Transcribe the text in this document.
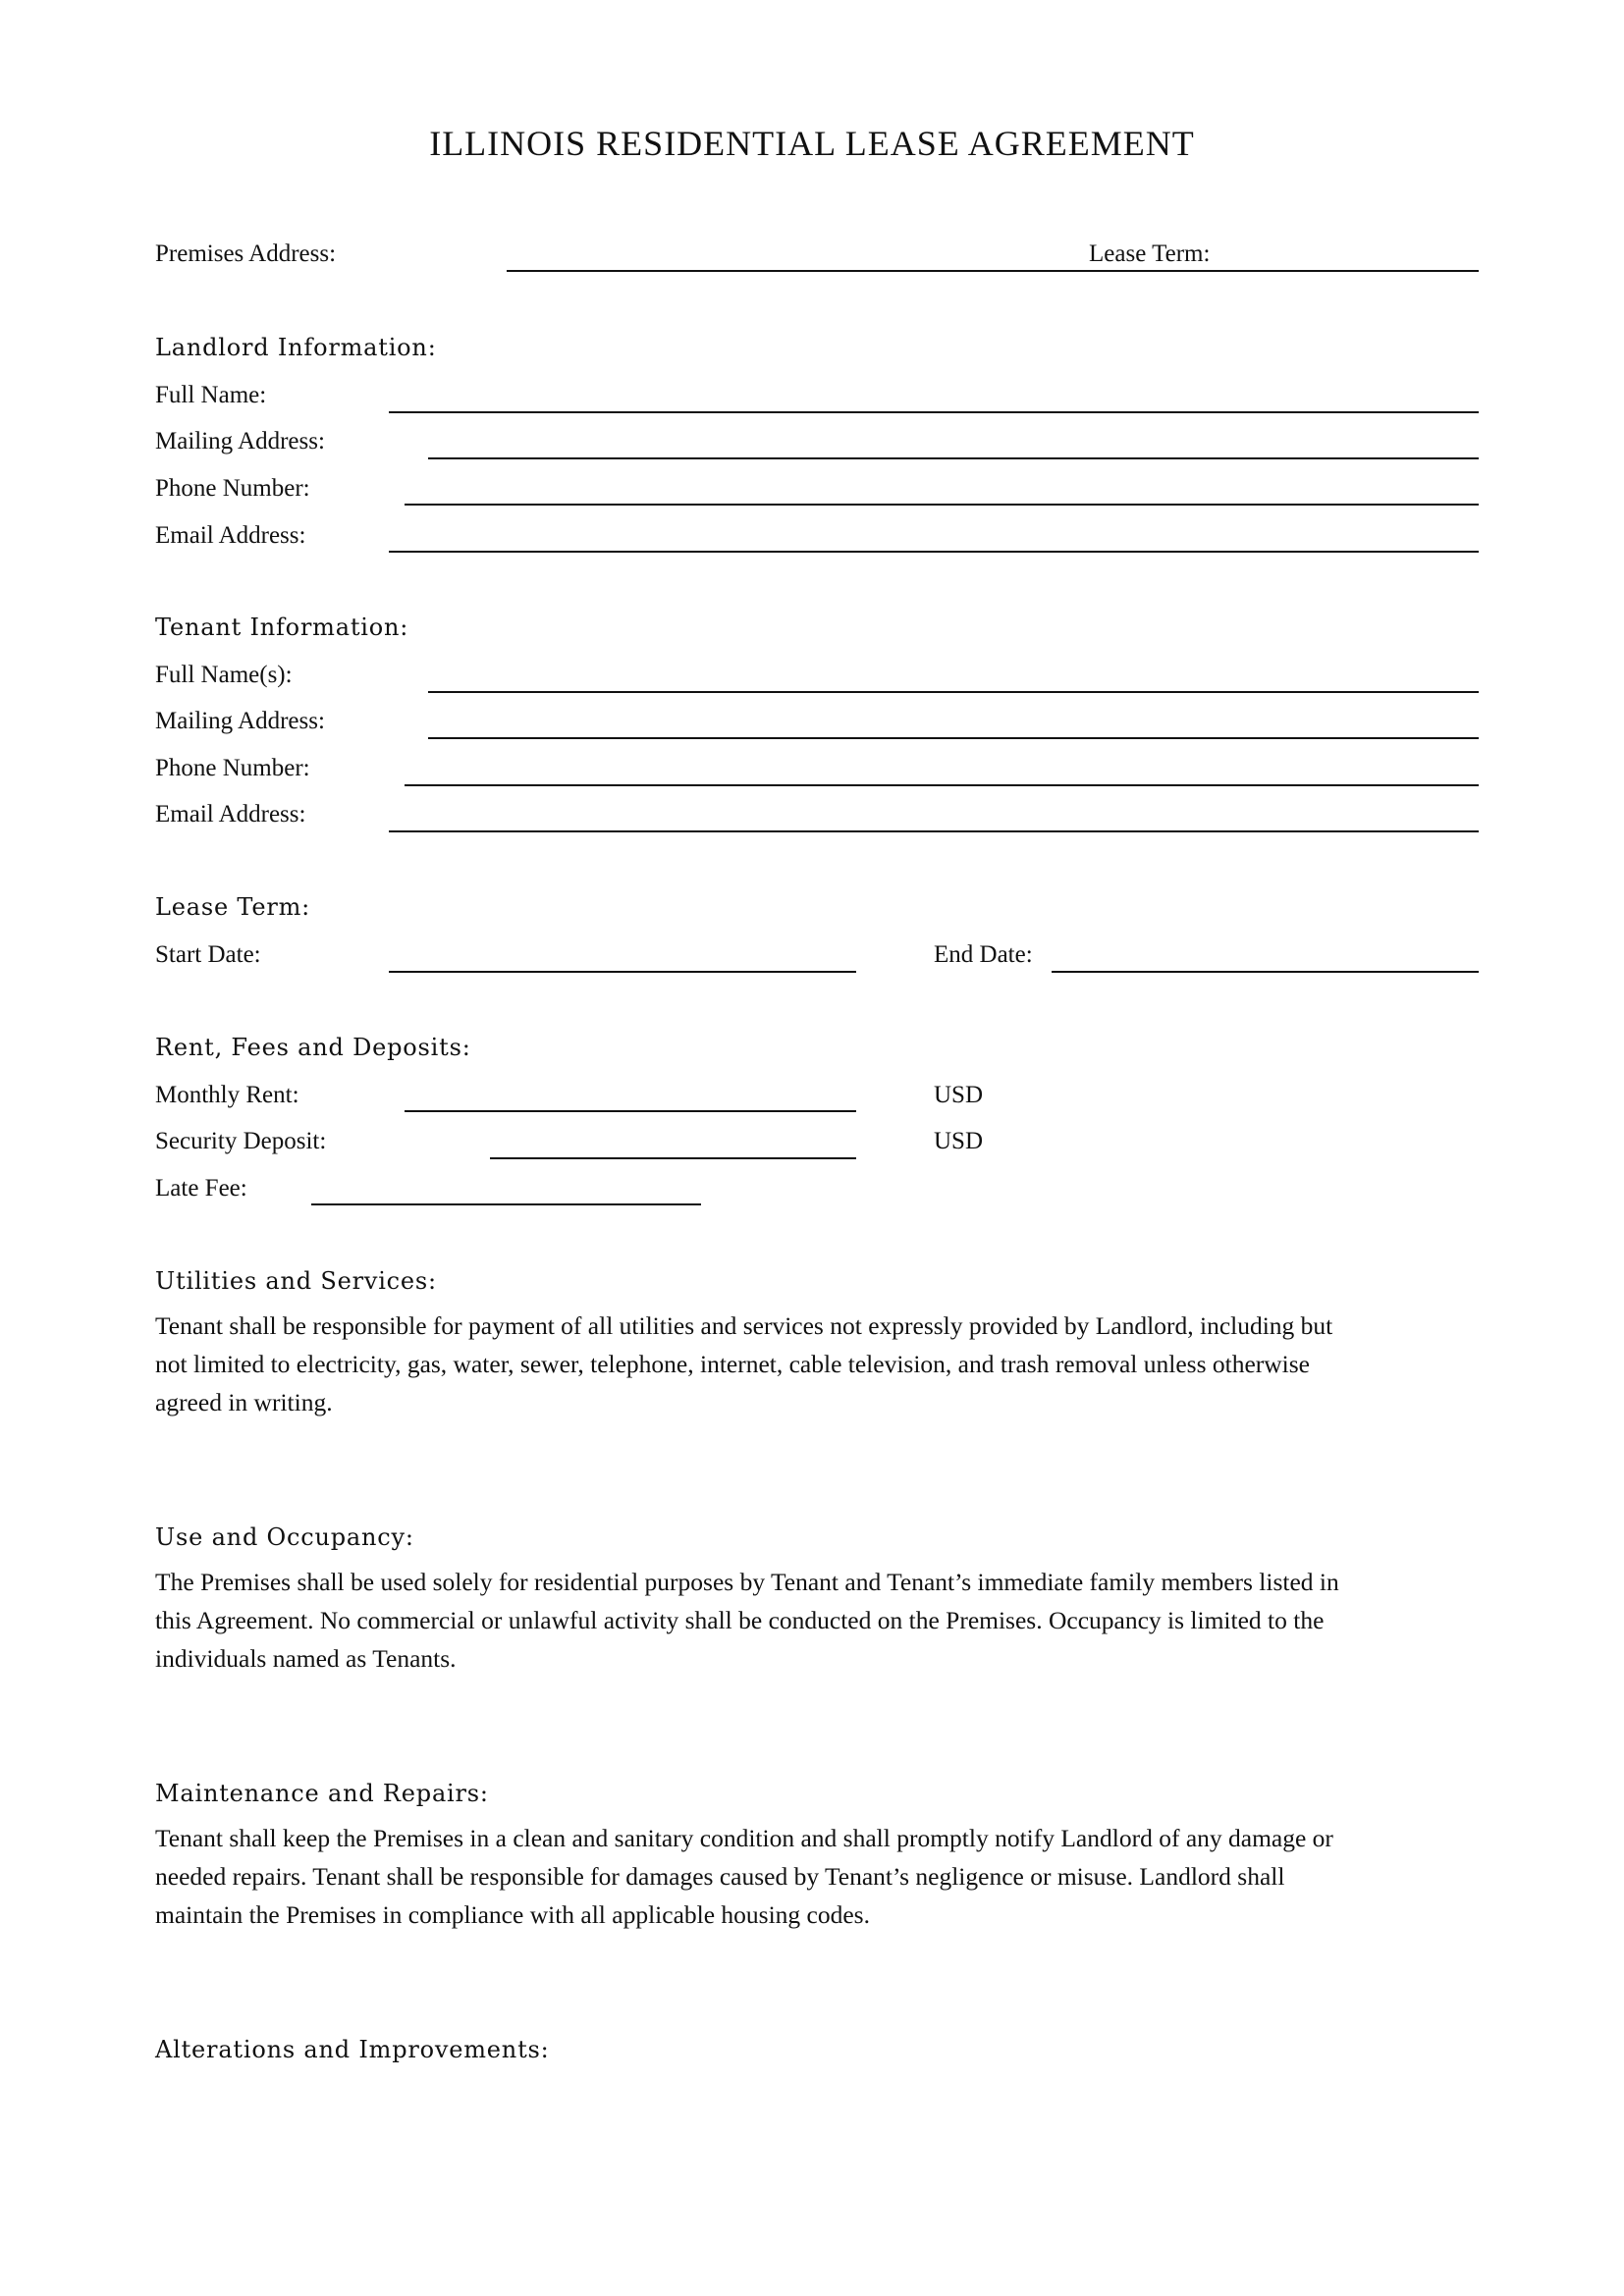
ILLINOIS RESIDENTIAL LEASE AGREEMENT
Premises Address:	Lease Term:
Landlord Information:
Full Name:
Mailing Address:
Phone Number:
Email Address:
Tenant Information:
Full Name(s):
Mailing Address:
Phone Number:
Email Address:
Lease Term:
Start Date:	End Date:
Rent, Fees and Deposits:
Monthly Rent:	USD
Security Deposit:	USD
Late Fee:
Utilities and Services:
Tenant shall be responsible for payment of all utilities and services not expressly provided by Landlord, including but
not limited to electricity, gas, water, sewer, telephone, internet, cable television, and trash removal unless otherwise
agreed in writing.
Use and Occupancy:
The Premises shall be used solely for residential purposes by Tenant and Tenant’s immediate family members listed in
this Agreement. No commercial or unlawful activity shall be conducted on the Premises. Occupancy is limited to the
individuals named as Tenants.
Maintenance and Repairs:
Tenant shall keep the Premises in a clean and sanitary condition and shall promptly notify Landlord of any damage or
needed repairs. Tenant shall be responsible for damages caused by Tenant’s negligence or misuse. Landlord shall
maintain the Premises in compliance with all applicable housing codes.
Alterations and Improvements:
